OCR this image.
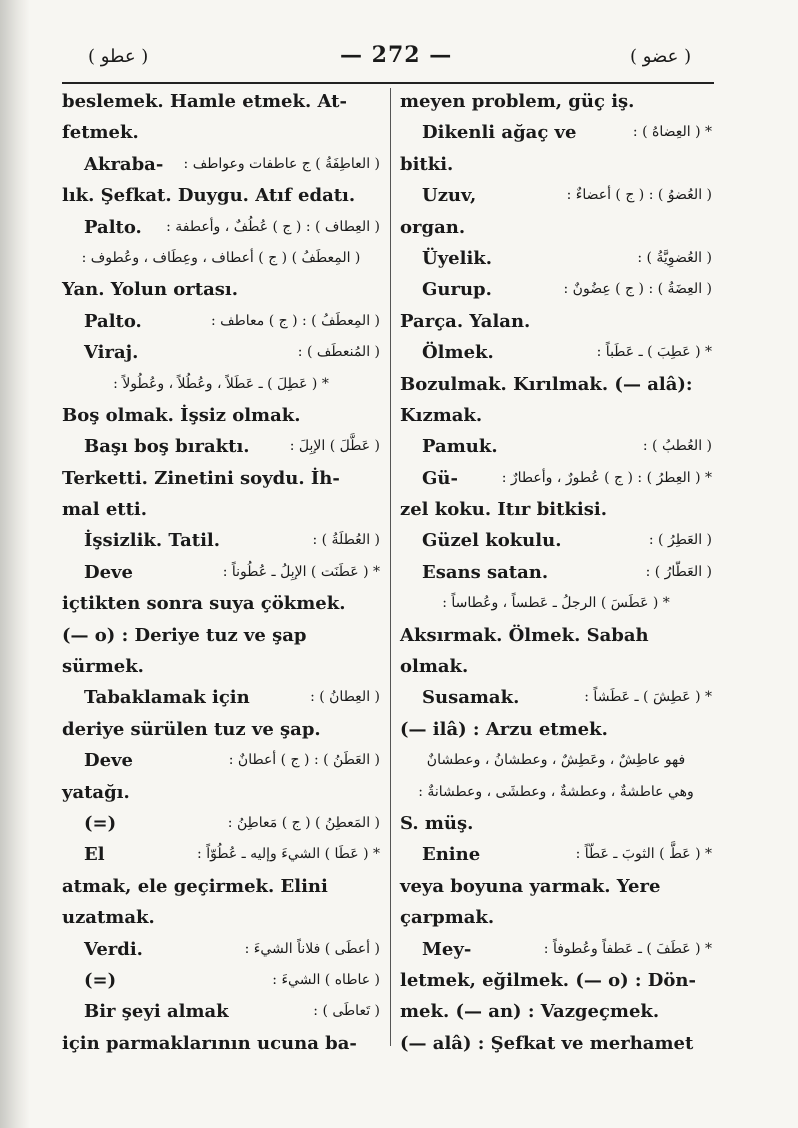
( عطو )	— 272 —	( عضو )
beslemek. Hamle etmek. At-
fetmek.
Akraba- ( العاطِفَةُ ) ج عاطفات وعواطف :
lık. Şefkat. Duygu. Atıf edatı.
Palto. ( العِطاف ) : ( ج ) عُطُفٌ ، وأعطفة :
( المِعطَفُ ) ( ج ) أعطاف ، وعِطَاف ، وعُطوف :
Yan. Yolun ortası.
Palto.	( المِعطَفُ ) : ( ج ) معاطف :
Viraj.	( المُنعطَف ) :
* ( عَطِلَ ) ـ عَطَلاً ، وعُطُلاً ، وعُطُولاً :
Boş olmak. İşsiz olmak.
Başı boş bıraktı.	( عَطَّلَ ) الإبِلَ :
Terketti. Zinetini soydu. İh-
mal etti.
İşsizlik. Tatil.	( العُطلَةُ ) :
Deve	* ( عَطَنَت ) الإبِلُ ـ عُطُوناً :
içtikten sonra suya çökmek.
(— o) : Deriye tuz ve şap
sürmek.
Tabaklamak için	( العِطانُ ) :
deriye sürülen tuz ve şap.
Deve	( العَطَنُ ) : ( ج ) أعطانٌ :
yatağı.
(=)	( المَعطِنُ ) ( ج ) مَعاطِنُ :
El	* ( عَطَا ) الشيءَ وإليه ـ عُطُوّاً :
atmak, ele geçirmek. Elini
uzatmak.
Verdi.	( أعطَى ) فلاناً الشيءَ :
(=)	( عاطاه ) الشيءَ :
Bir şeyi almak	( تَعاطَى ) :
için parmaklarının ucuna ba-
meyen problem, güç iş.
Dikenli ağaç ve	* ( العِضاهُ ) :
bitki.
Uzuv,	( العُضوُ ) : ( ج ) أعضاءٌ :
organ.
Üyelik.	( العُضوِيَّةُ ) :
Gurup.	( العِضَةُ ) : ( ج ) عِضُونٌ :
Parça. Yalan.
Ölmek.	* ( عَطِبَ ) ـ عَطَباً :
Bozulmak. Kırılmak. (— alâ):
Kızmak.
Pamuk.	( العُطبُ ) :
Gü-	* ( العِطرُ ) : ( ج ) عُطورٌ ، وأعطارٌ :
zel koku. Itır bitkisi.
Güzel kokulu.	( العَطِرُ ) :
Esans satan.	( العَطّارُ ) :
* ( عَطَسَ ) الرجلُ ـ عَطساً ، وعُطاساً :
Aksırmak. Ölmek. Sabah
olmak.
Susamak.	* ( عَطِشَ ) ـ عَطَشاً :
(— ilâ) : Arzu etmek.
فهو عاطِشٌ ، وعَطِشٌ ، وعطشانُ ، وعطشانٌ
وهي عاطشةٌ ، وعطشةٌ ، وعطشَى ، وعطشانةٌ :
S. müş.
Enine	* ( عَطَّ ) الثوبَ ـ عَطّاً :
veya boyuna yarmak. Yere
çarpmak.
Mey-	* ( عَطَفَ ) ـ عَطفاً وعُطوفاً :
letmek, eğilmek. (— o) : Dön-
mek. (— an) : Vazgeçmek.
(— alâ) : Şefkat ve merhamet
